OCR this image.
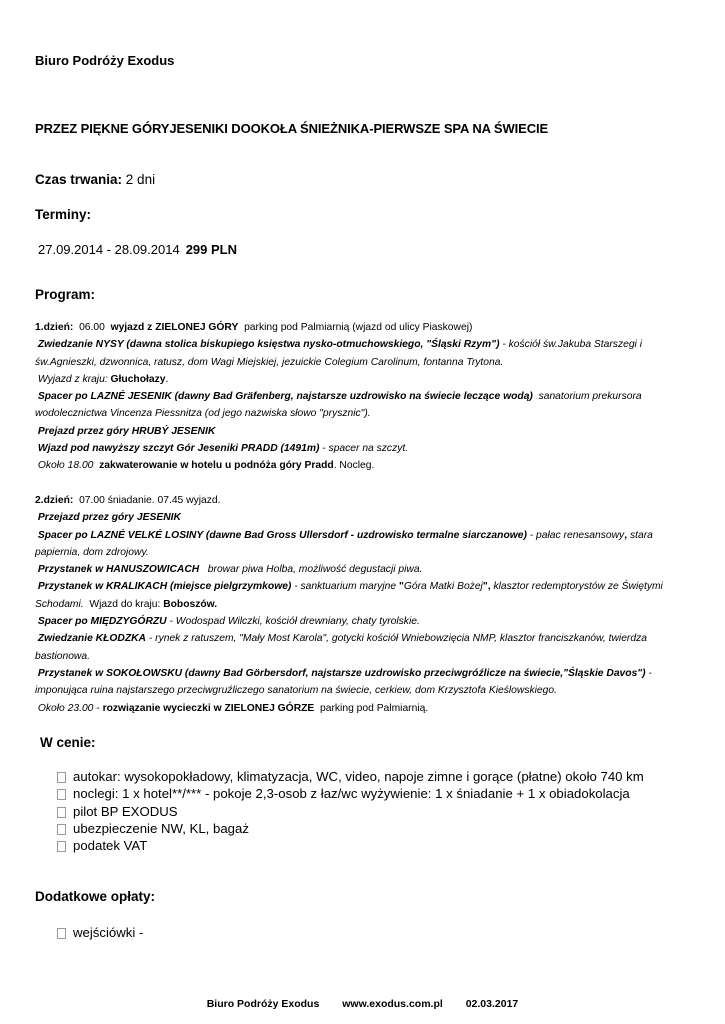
Biuro Podróży Exodus
PRZEZ PIĘKNE GÓRYJESENIKI DOOKOŁA ŚNIEŻNIKA-PIERWSZE SPA NA ŚWIECIE
Czas trwania: 2 dni
Terminy:
27.09.2014 - 28.09.2014 299 PLN
Program:

1.dzień:  06.00  wyjazd z ZIELONEJ GÓRY  parking pod Palmiarnią (wjazd od ulicy Piaskowej)

Zwiedzanie NYSY (dawna stolica biskupiego księstwa nysko-otmuchowskiego, "Śląski Rzym") - kościół św.Jakuba Starszegi i św.Agnieszki, dzwonnica, ratusz, dom Wagi Miejskiej, jezuickie Colegium Carolinum, fontanna Trytona.

Wyjazd z kraju: Głuchołazy.

Spacer po LAZNÉ JESENIK (dawny Bad Gräfenberg, najstarsze uzdrowisko na świecie leczące wodą)  sanatorium prekursora wodolecznictwa Vincenza Piessnitza (od jego nazwiska słowo "prysznic").

Prejazd przez góry HRUBÝ JESENIK

Wjazd pod nawyższy szczyt Gór Jeseniki PRADD (1491m) - spacer na szczyt.

Około 18.00  zakwaterowanie w hotelu u podnóża góry Pradd. Nocleg.

2.dzień:  07.00 śniadanie. 07.45 wyjazd.

Przejazd przez góry JESENIK

Spacer po LAZNÉ VELKÉ LOSINY (dawne Bad Gross Ullersdorf - uzdrowisko termalne siarczanowe) - pałac renesansowy, stara papiernia, dom zdrojowy.

Przystanek w HANUSZOWICACH   browar piwa Holba, możliwość degustacji piwa.

Przystanek w KRALIKACH (miejsce pielgrzymkowe) - sanktuarium maryjne "Góra Matki Bożej", klasztor redemptorystów ze Świętymi Schodami.  Wjazd do kraju: Boboszów.

Spacer po MIĘDZYGÓRZU - Wodospad Wilczki, kościół drewniany, chaty tyrolskie.

Zwiedzanie KŁODZKA - rynek z ratuszem, "Mały Most Karola", gotycki kościół Wniebowzięcia NMP, klasztor franciszkanów, twierdza bastionowa.

Przystanek w SOKOŁOWSKU (dawny Bad Görbersdorf, najstarsze uzdrowisko przeciwgróźlicze na świecie,"Śląskie Davos") - imponująca ruina najstarszego przeciwgruźliczego sanatorium na świecie, cerkiew, dom Krzysztofa Kieślowskiego.

Około 23.00 - rozwiązanie wycieczki w ZIELONEJ GÓRZE  parking pod Palmiarnią.

W cenie:
autokar: wysokopokładowy, klimatyzacja, WC, video, napoje zimne i gorące (płatne) około 740 km
noclegi: 1 x hotel**/*** - pokoje 2,3-osob z łaz/wc wyżywienie: 1 x śniadanie + 1 x obiadokolacja
pilot BP EXODUS
ubezpieczenie NW, KL, bagaż
podatek VAT
Dodatkowe opłaty:
wejściówki -
Biuro Podróży Exodus www.exodus.com.pl 02.03.2017
